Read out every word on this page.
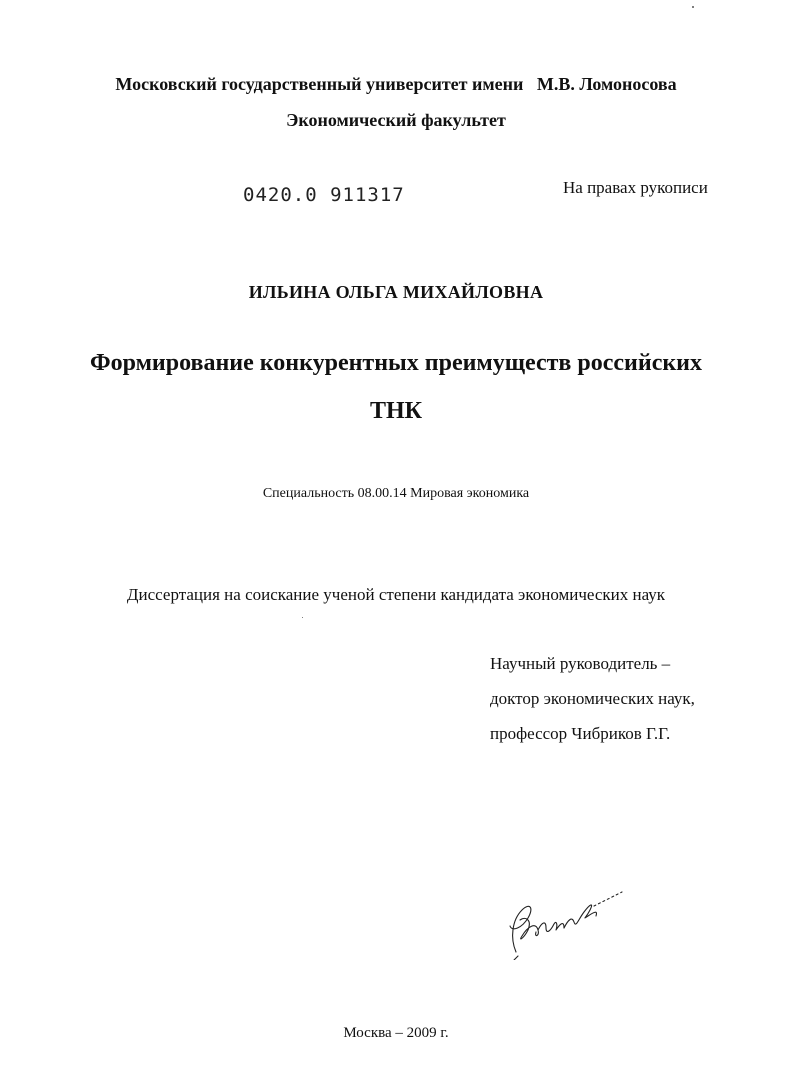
Московский государственный университет имени   М.В. Ломоносова
Экономический факультет
0420.0 911317	На правах рукописи
ИЛЬИНА ОЛЬГА МИХАЙЛОВНА
Формирование конкурентных преимуществ российских
ТНК
Специальность 08.00.14 Мировая экономика
Диссертация на соискание ученой степени кандидата экономических наук
Научный руководитель –
доктор экономических наук,
профессор Чибриков Г.Г.
Москва – 2009 г.
